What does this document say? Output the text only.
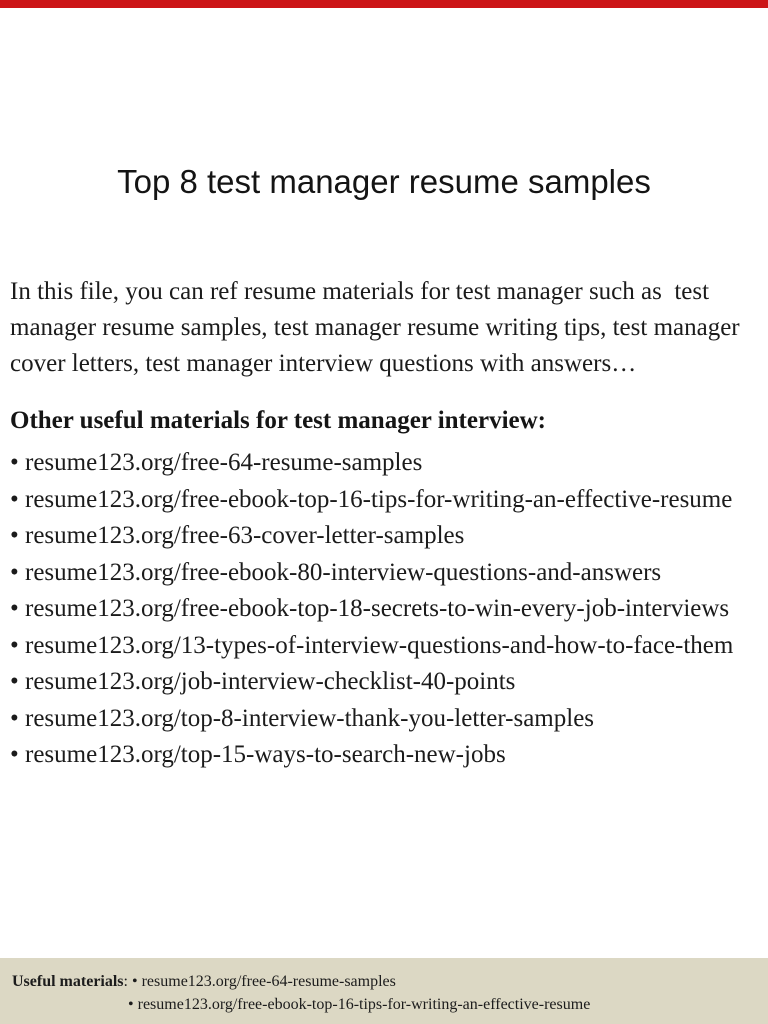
Top 8 test manager resume samples
In this file, you can ref resume materials for test manager such as  test
manager resume samples, test manager resume writing tips, test manager
cover letters, test manager interview questions with answers…
Other useful materials for test manager interview:
• resume123.org/free-64-resume-samples
• resume123.org/free-ebook-top-16-tips-for-writing-an-effective-resume
• resume123.org/free-63-cover-letter-samples
• resume123.org/free-ebook-80-interview-questions-and-answers
• resume123.org/free-ebook-top-18-secrets-to-win-every-job-interviews
• resume123.org/13-types-of-interview-questions-and-how-to-face-them
• resume123.org/job-interview-checklist-40-points
• resume123.org/top-8-interview-thank-you-letter-samples
• resume123.org/top-15-ways-to-search-new-jobs
Useful materials: • resume123.org/free-64-resume-samples
• resume123.org/free-ebook-top-16-tips-for-writing-an-effective-resume
